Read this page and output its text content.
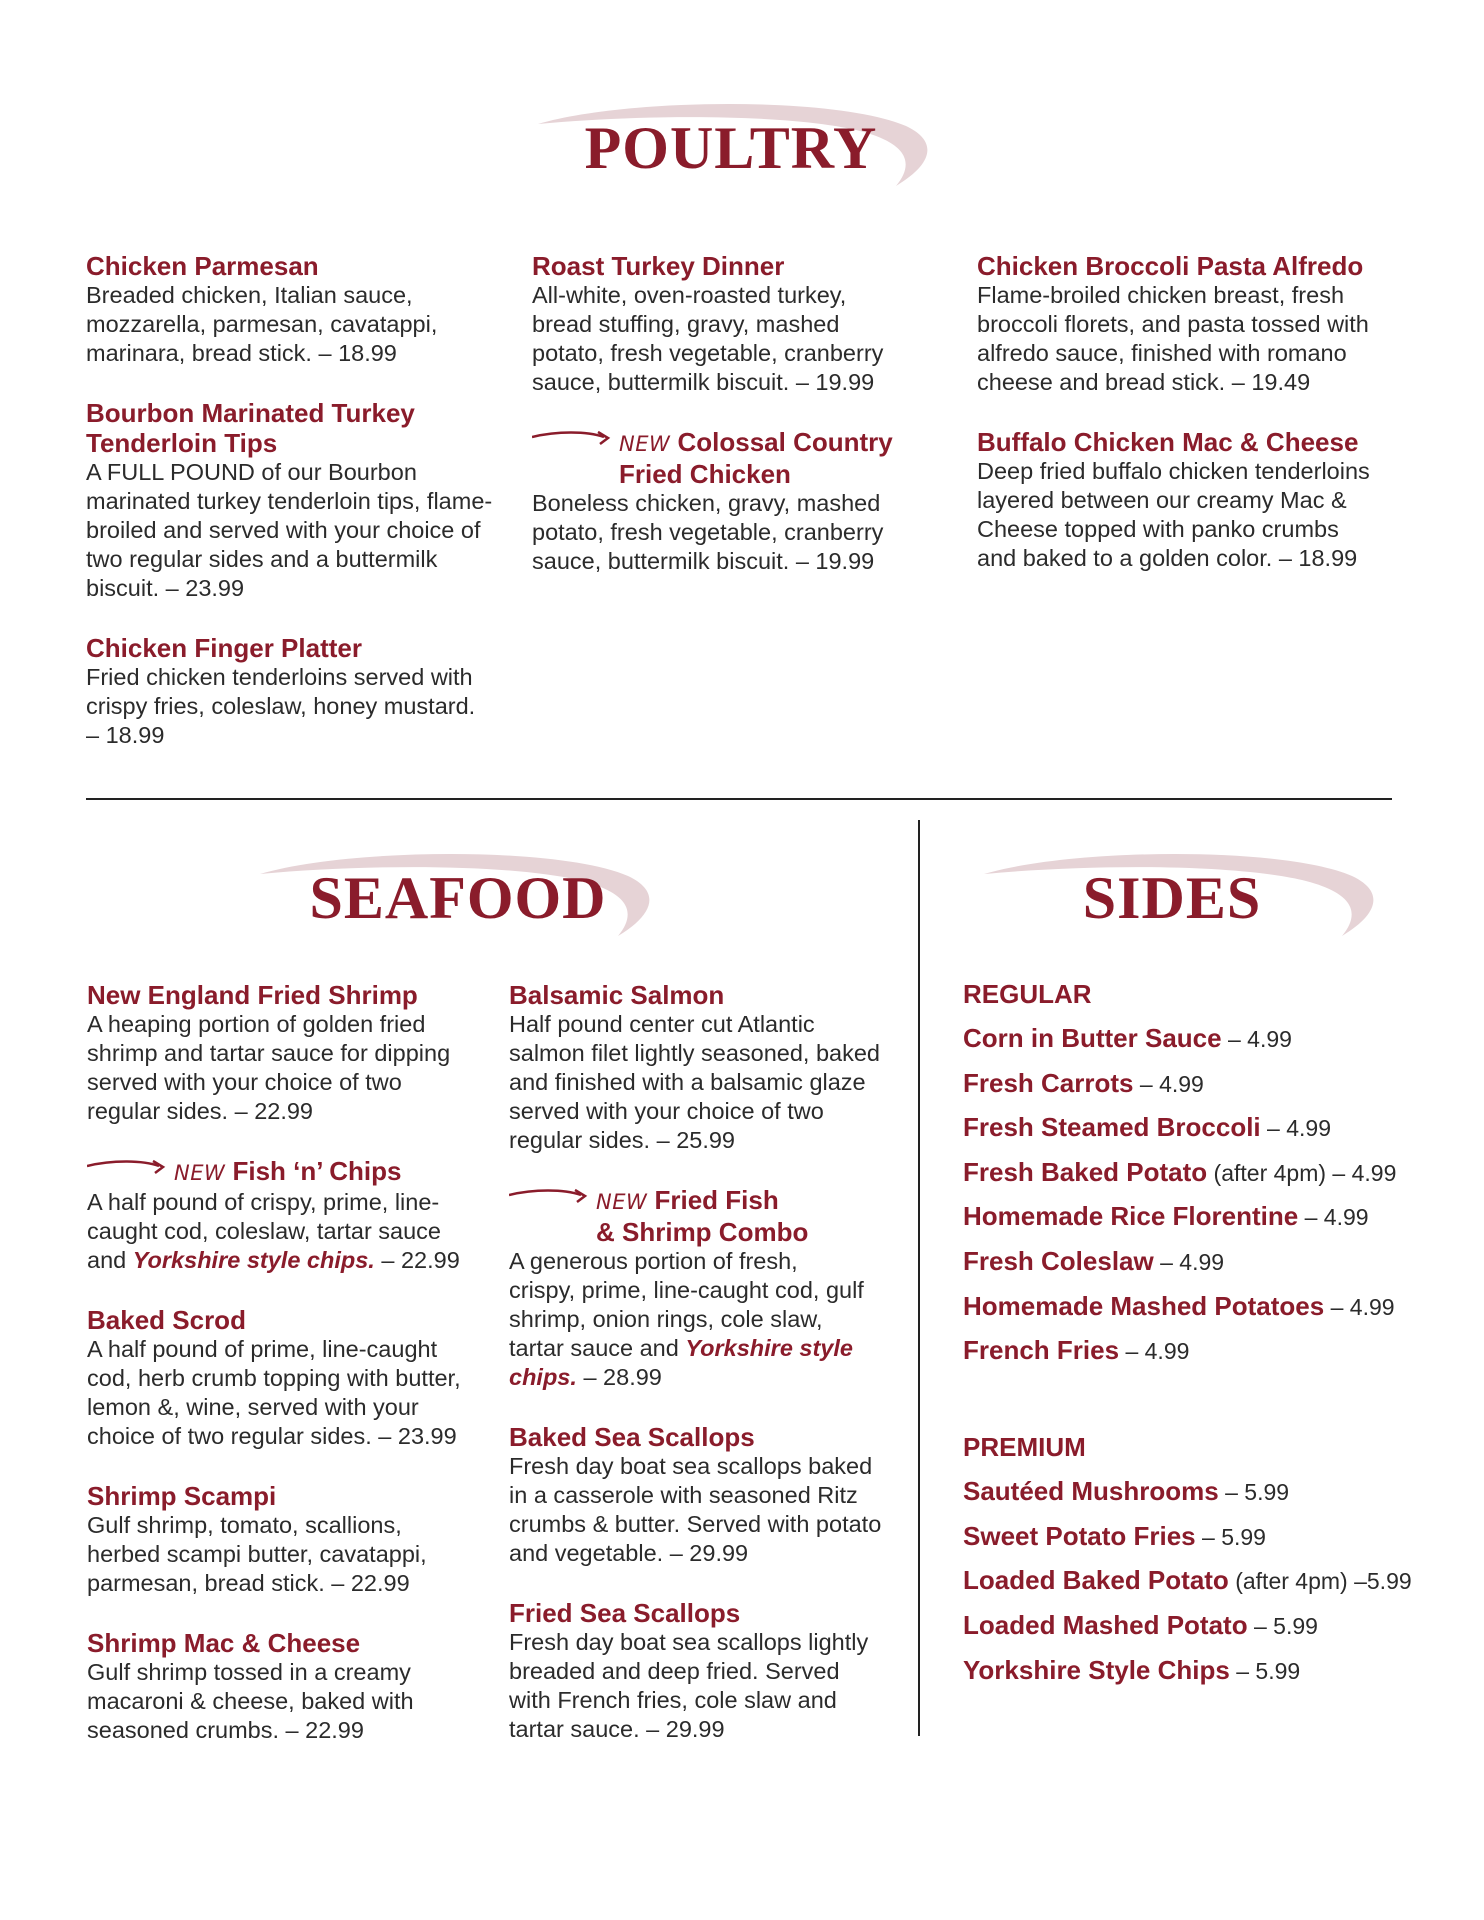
POULTRY
Chicken Parmesan
Breaded chicken, Italian sauce, mozzarella, parmesan, cavatappi, marinara, bread stick. – 18.99
Bourbon Marinated Turkey Tenderloin Tips
A FULL POUND of our Bourbon marinated turkey tenderloin tips, flame-broiled and served with your choice of two regular sides and a buttermilk biscuit. – 23.99
Chicken Finger Platter
Fried chicken tenderloins served with crispy fries, coleslaw, honey mustard. – 18.99
Roast Turkey Dinner
All-white, oven-roasted turkey, bread stuffing, gravy, mashed potato, fresh vegetable, cranberry sauce, buttermilk biscuit. – 19.99
NEW Colossal Country
Fried Chicken
Boneless chicken, gravy, mashed potato, fresh vegetable, cranberry sauce, buttermilk biscuit. – 19.99
Chicken Broccoli Pasta Alfredo
Flame-broiled chicken breast, fresh broccoli florets, and pasta tossed with alfredo sauce, finished with romano cheese and bread stick. – 19.49
Buffalo Chicken Mac & Cheese
Deep fried buffalo chicken tenderloins layered between our creamy Mac & Cheese topped with panko crumbs and baked to a golden color. – 18.99
SEAFOOD
New England Fried Shrimp
A heaping portion of golden fried shrimp and tartar sauce for dipping served with your choice of two regular sides. – 22.99
NEW Fish ‘n’ Chips
A half pound of crispy, prime, line-caught cod, coleslaw, tartar sauce and Yorkshire style chips. – 22.99
Baked Scrod
A half pound of prime, line-caught cod, herb crumb topping with butter, lemon &, wine, served with your choice of two regular sides. – 23.99
Shrimp Scampi
Gulf shrimp, tomato, scallions, herbed scampi butter, cavatappi, parmesan, bread stick. – 22.99
Shrimp Mac & Cheese
Gulf shrimp tossed in a creamy macaroni & cheese, baked with seasoned crumbs. – 22.99
Balsamic Salmon
Half pound center cut Atlantic salmon filet lightly seasoned, baked and finished with a balsamic glaze served with your choice of two regular sides. – 25.99
NEW Fried Fish
& Shrimp Combo
A generous portion of fresh, crispy, prime, line-caught cod, gulf shrimp, onion rings, cole slaw, tartar sauce and Yorkshire style chips. – 28.99
Baked Sea Scallops
Fresh day boat sea scallops baked in a casserole with seasoned Ritz crumbs & butter. Served with potato and vegetable. – 29.99
Fried Sea Scallops
Fresh day boat sea scallops lightly breaded and deep fried. Served with French fries, cole slaw and tartar sauce. – 29.99
SIDES
REGULAR
Corn in Butter Sauce – 4.99
Fresh Carrots – 4.99
Fresh Steamed Broccoli – 4.99
Fresh Baked Potato (after 4pm) – 4.99
Homemade Rice Florentine – 4.99
Fresh Coleslaw – 4.99
Homemade Mashed Potatoes – 4.99
French Fries – 4.99
PREMIUM
Sautéed Mushrooms – 5.99
Sweet Potato Fries – 5.99
Loaded Baked Potato (after 4pm) –5.99
Loaded Mashed Potato – 5.99
Yorkshire Style Chips – 5.99
